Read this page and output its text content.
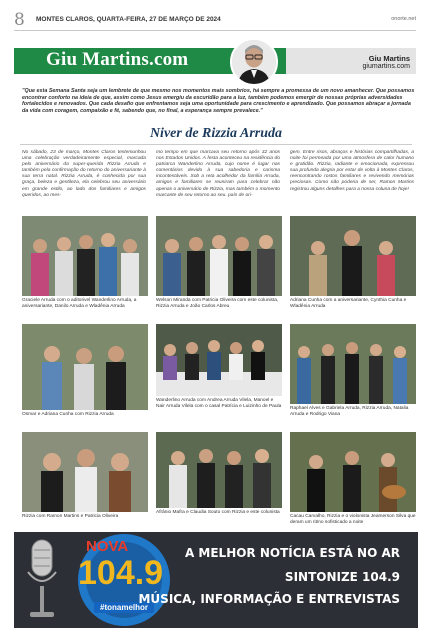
8 MONTES CLAROS, QUARTA-FEIRA, 27 DE MARÇO DE 2024	onorte.net
Giu Martins.com	Giu Martins
giumartins.com
"Que esta Semana Santa seja um lembrete de que mesmo nos momentos mais sombrios, há sempre a promessa de um novo amanhecer. Que possamos encontrar conforto na ideia de que, assim como Jesus emergiu da escuridão para a luz, também podemos emergir de nossas próprias adversidades fortalecidos e renovados. Que cada desafio que enfrentamos seja uma oportunidade para crescimento e aprendizado. Que possamos abraçar a jornada da vida com coragem, compaixão e fé, sabendo que, no final, a esperança sempre prevalece."
Niver de Rizzia Arruda
No sábado, 23 de março, Montes Claros testemunhou uma celebração verdadeiramente especial, marcada pelo aniversário da super-querida Rizzia Arruda e também pela confirmação do retorno do aniversariante à sua terra natal. Rizzia Arruda, é conhecida por sua graça, beleza e gentileza, ela celebrou seu aniversário em grande estilo, ao lado dos familiares e amigos queridos, ao mes-
mo tempo em que marcava seu retorno após 32 anos nos Estados Unidos. A festa aconteceu na residência do patriarca Wanderlino Arruda, cujo nome é lugar nas comentários devido à sua sabedoria e carisma incontestáveis. Sob a reta acolhedor da família Arruda, amigos e familiares se reuniram para celebrar não apenas o aniversário de Rizzia, mas também o momento marcante de seu retorno ao seu. país de ori-
gem. Entre risos, abraços e histórias compartilhadas, a noite foi permeada por uma atmosfera de calor humano e gratidão. Rizzia, radiante e emocionada, expressou sua profunda alegria por estar de volta à Montes Claros, reencontrando rostos familiares e revivendo memórias preciosas. Como não poderia de ser, Ramon Martins registrou alguns detalhes para a nossa coluna de hoje!
Graciele Arruda com o aditorivel Wanderlino Arruda, a aniversariante, Danilo Arruda e Wladênia Arruda
Welson Miranda com Patricia Oliveira com este colunista, Rizzia Arruda e João Carlos Abreu
Adriana Cunha com a aniversariante, Cynthia Cunha e Wladênia Arruda
Osmar e Adriana Cunha com Rizzia Arruda
Wanderlino Arruda com Andrea Arruda Vilela, Manoel e Nair Arruda Vilela com o casal Patrícia e Luizinho de Paula Raphael Alves e Gabriela Arruda, Rizzia Arruda, Natalia Arruda e Rodrigo Viana
Rizzia com Ramon Martins e Patricia Oliveira
Afrânio Mafra e Claudia Souto com Rizzia e este colunista
Cacau Carvalho, Rizzia e o violonista Jeamerson Silva que deram um ritmo sofisticado a noite
NOVA
104.9
#tonamelhor
A MELHOR NOTÍCIA ESTÁ NO AR
SINTONIZE 104.9
MÚSICA, INFORMAÇÃO E ENTREVISTAS
